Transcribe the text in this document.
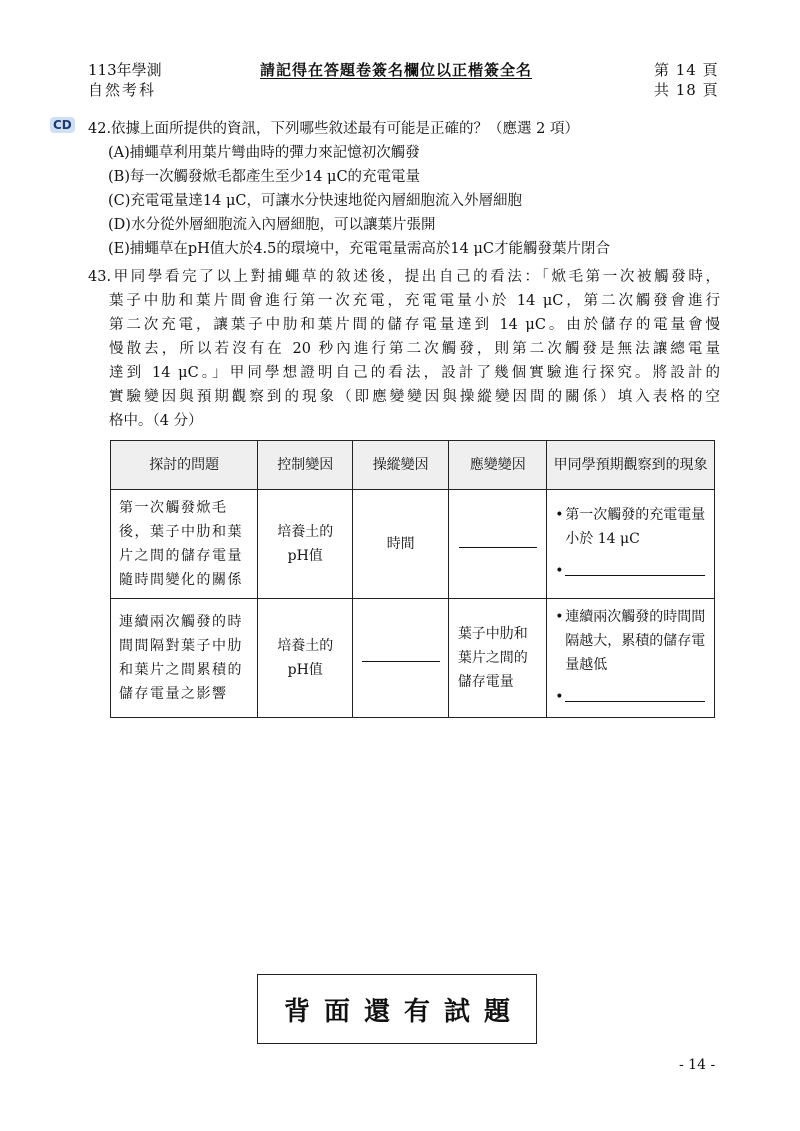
113年學測
自然考科
請記得在答題卷簽名欄位以正楷簽全名	第 14 頁
共 18 頁
CD 42.依據上面所提供的資訊，下列哪些敘述最有可能是正確的？（應選 2 項）
(A)捕蠅草利用葉片彎曲時的彈力來記憶初次觸發
(B)每一次觸發焮毛都產生至少14 μC的充電電量
(C)充電電量達14 μC，可讓水分快速地從內層細胞流入外層細胞
(D)水分從外層細胞流入內層細胞，可以讓葉片張開
(E)捕蠅草在pH值大於4.5的環境中，充電電量需高於14 μC才能觸發葉片閉合
43.甲同學看完了以上對捕蠅草的敘述後，提出自己的看法：「焮毛第一次被觸發時，
葉子中肋和葉片間會進行第一次充電，充電電量小於 14 μC，第二次觸發會進行
第二次充電，讓葉子中肋和葉片間的儲存電量達到 14 μC。由於儲存的電量會慢
慢散去，所以若沒有在 20 秒內進行第二次觸發，則第二次觸發是無法讓總電量
達到 14 μC。」甲同學想證明自己的看法，設計了幾個實驗進行探究。將設計的
實驗變因與預期觀察到的現象（即應變變因與操縱變因間的關係）填入表格的空
格中。（4 分）
探討的問題	控制變因	操縱變因	應變變因	甲同學預期觀察到的現象
第一次觸發焮毛後，葉子中肋和葉片之間的儲存電量隨時間變化的關係	培養土的pH值	時間		• 第一次觸發的充電電量小於 14 μC
•

連續兩次觸發的時間間隔對葉子中肋和葉片之間累積的儲存電量之影響	培養土的pH值		葉子中肋和葉片之間的儲存電量	• 連續兩次觸發的時間間隔越大，累積的儲存電量越低
•
背面還有試題
- 14 -
